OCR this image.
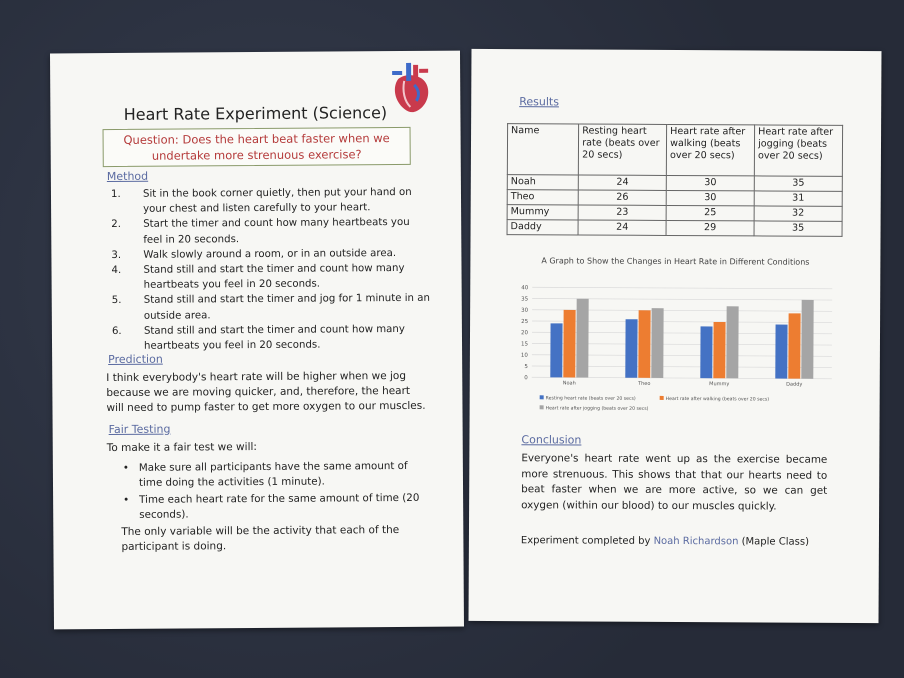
Heart Rate Experiment (Science)
Question: Does the heart beat faster when we undertake more strenuous exercise?
Method
1. Sit in the book corner quietly, then put your hand on your chest and listen carefully to your heart.
2. Start the timer and count how many heartbeats you feel in 20 seconds.
3. Walk slowly around a room, or in an outside area.
4. Stand still and start the timer and count how many heartbeats you feel in 20 seconds.
5. Stand still and start the timer and jog for 1 minute in an outside area.
6. Stand still and start the timer and count how many heartbeats you feel in 20 seconds.
Prediction
I think everybody's heart rate will be higher when we jog because we are moving quicker, and, therefore, the heart will need to pump faster to get more oxygen to our muscles.
Fair Testing
To make it a fair test we will:
• Make sure all participants have the same amount of time doing the activities (1 minute).
• Time each heart rate for the same amount of time (20 seconds).
The only variable will be the activity that each of the participant is doing.
Results
Name	Resting heart rate (beats over 20 secs)	Heart rate after walking (beats over 20 secs)	Heart rate after jogging (beats over 20 secs)
Noah	24	30	35
Theo	26	30	31
Mummy	23	25	32
Daddy	24	29	35
A Graph to Show the Changes in Heart Rate in Different Conditions
0
5
10
15
20
25
30
35
40
Noah	Theo	Mummy	Daddy
Resting heart rate (beats over 20 secs)	Heart rate after walking (beats over 20 secs)
Heart rate after jogging (beats over 20 secs)
Conclusion
Everyone's heart rate went up as the exercise became more strenuous. This shows that that our hearts need to beat faster when we are more active, so we can get oxygen (within our blood) to our muscles quickly.
Experiment completed by Noah Richardson (Maple Class)
